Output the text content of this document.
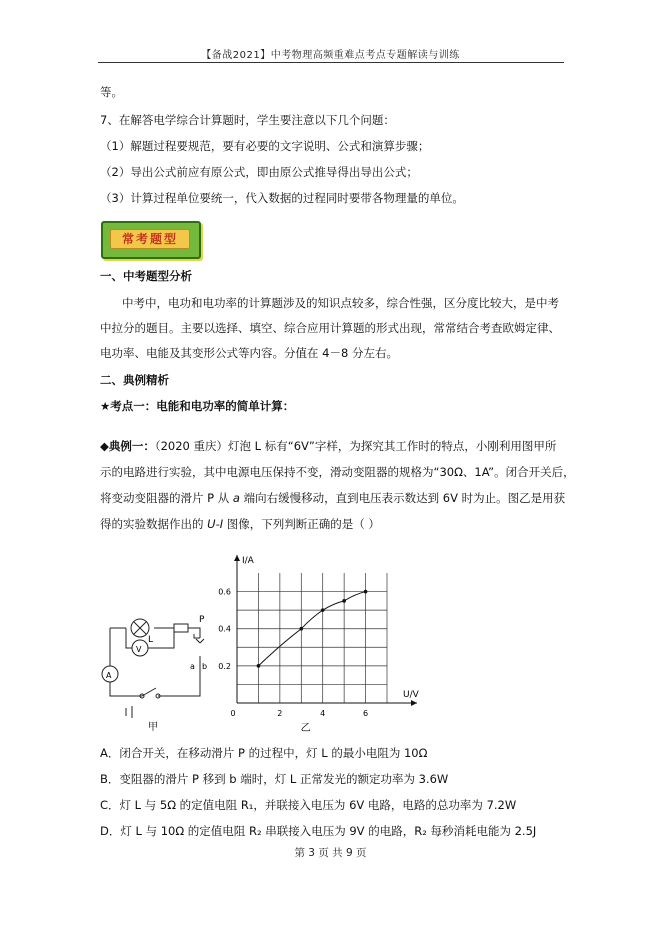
【备战2021】中考物理高频重难点考点专题解读与训练
等。
7、在解答电学综合计算题时，学生要注意以下几个问题：
（1）解题过程要规范，要有必要的文字说明、公式和演算步骤；
（2）导出公式前应有原公式，即由原公式推导得出导出公式；
（3）计算过程单位要统一，代入数据的过程同时要带各物理量的单位。
常考题型
一、中考题型分析
中考中，电功和电功率的计算题涉及的知识点较多，综合性强，区分度比较大，是中考
中拉分的题目。主要以选择、填空、综合应用计算题的形式出现，常常结合考查欧姆定律、
电功率、电能及其变形公式等内容。分值在 4－8 分左右。
二、典例精析
★考点一：电能和电功率的简单计算：
◆典例一：（2020 重庆）灯泡 L 标有“6V”字样，为探究其工作时的特点，小刚利用图甲所
示的电路进行实验，其中电源电压保持不变，滑动变阻器的规格为“30Ω、1A”。闭合开关后，
将变动变阻器的滑片 P 从 a 端向右缓慢移动，直到电压表示数达到 6V 时为止。图乙是用获
得的实验数据作出的 U-I 图像，下列判断正确的是（ ）
L
P
a b
V
A
甲
U/V
I/A
0	2	4	6
0.2
0.4
0.6
乙
A．闭合开关，在移动滑片 P 的过程中，灯 L 的最小电阻为 10Ω
B．变阻器的滑片 P 移到 b 端时，灯 L 正常发光的额定功率为 3.6W
C．灯 L 与 5Ω 的定值电阻 R₁，并联接入电压为 6V 电路，电路的总功率为 7.2W
D．灯 L 与 10Ω 的定值电阻 R₂ 串联接入电压为 9V 的电路，R₂ 每秒消耗电能为 2.5J
第 3 页 共 9 页
